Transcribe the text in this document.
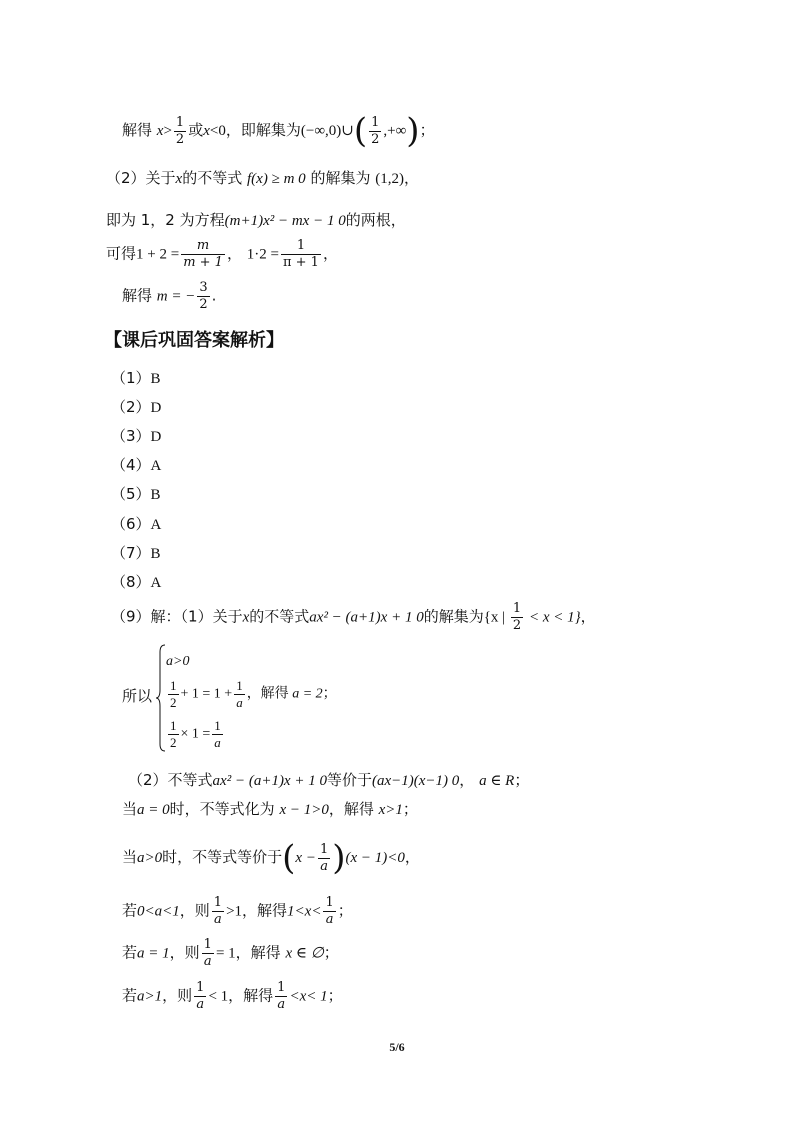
解得 $x> \frac{1}{2}$ 或x<0，即解集为(−∞,0)∪( $\frac{1}{2}$ ,+∞)；
（2）关于x的不等式 f(x) ≥ m 0 的解集为 (1,2)，
即为 1，2 为方程(m+1)x² − mx − 1 0的两根，
可得$1 + 2 = \frac{m}{m + 1}$ ， $1\cdot 2 = \frac{1}{\pi + 1}$ ，
解得 m = − $\frac{3}{2}$ .
【课后巩固答案解析】
（1）B
（2）D
（3）D
（4）A
（5）B
（6）A
（7）B
（8）A
（9）解：（1）关于x的不等式ax² − (a+1)x + 1 0的解集为{x | $\frac{1}{2} < x < 1$}，
所以
a>0
$\frac{1}{2} + 1 = 1 + \frac{1}{a}$ ，解得 a = 2；
$\frac{1}{2} \times 1 = \frac{1}{a}$
（2）不等式ax² − (a+1)x + 1 0等价于(ax−1)(x−1) 0， a ∈ R；
当a = 0时，不等式化为 x − 1>0，解得 x>1；
当a>0时，不等式等价于$(x - \frac{1}{a} )(x - 1)<0$，
若0<a<1，则 $\frac{1}{a} >1$，解得$1<x< \frac{1}{a}$ ；
若a = 1，则 $\frac{1}{a} = 1$，解得 x ∈ ∅；
若a>1，则 $\frac{1}{a} < 1$，解得 $\frac{1}{a} <x< 1$；
5/6
